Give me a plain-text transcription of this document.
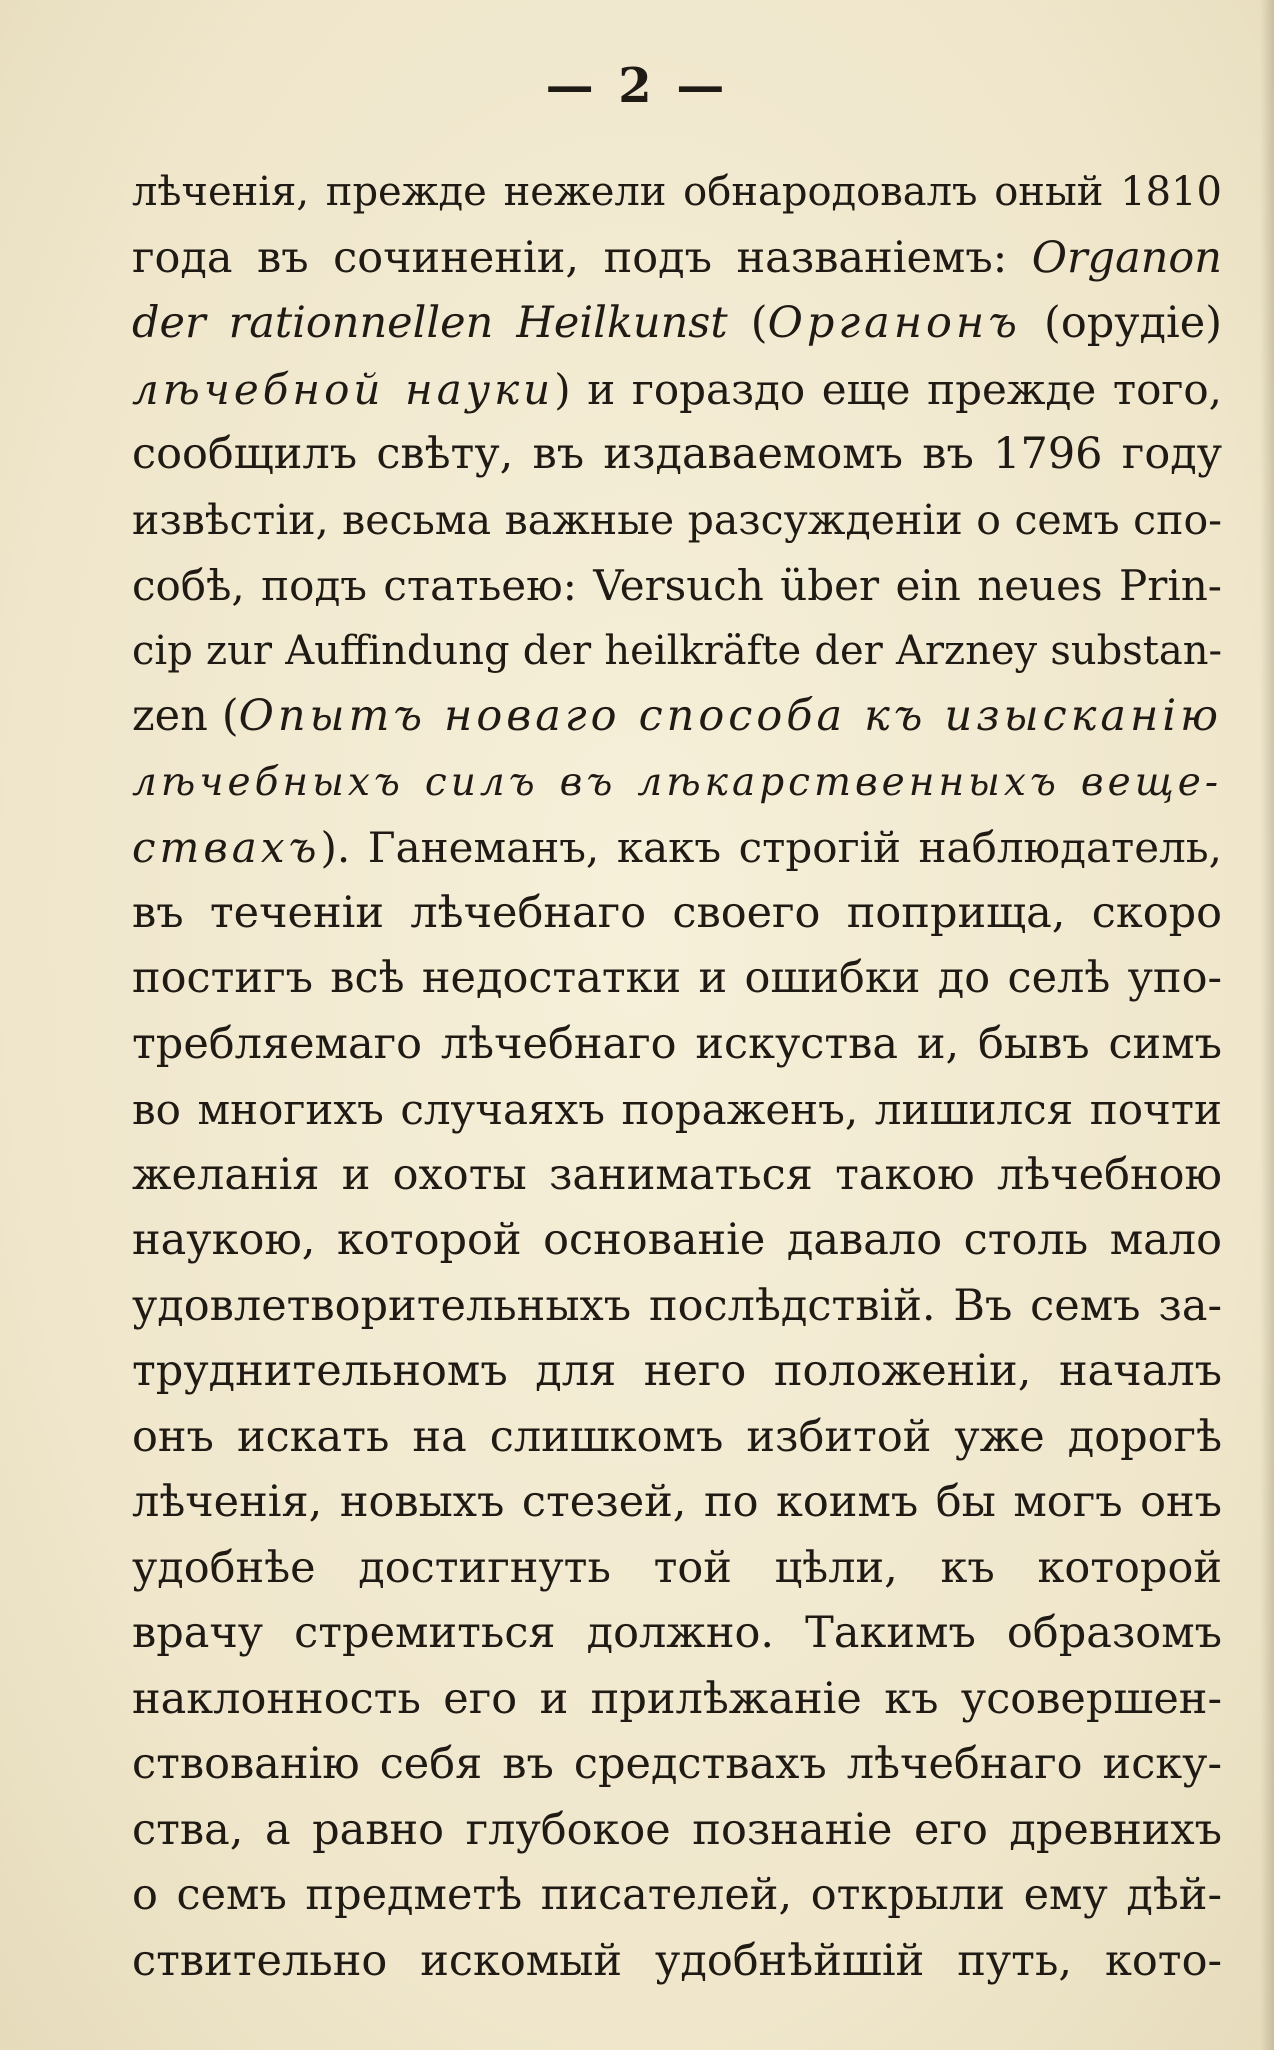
— 2 —
лѣченія, прежде нежели обнародовалъ оный 1810
года въ сочиненіи, подъ названіемъ: Organon
der rationnellen Heilkunst (Органонъ (орудіе)
лѣчебной науки) и гораздо еще прежде того,
сообщилъ свѣту, въ издаваемомъ въ 1796 году
извѣстіи, весьма важные разсужденіи о семъ спо-
собѣ, подъ статьею: Versuch über ein neues Prin-
cip zur Auffindung der heilkräfte der Arzney substan-
zen (Опытъ новаго способа къ изысканію
лѣчебныхъ силъ въ лѣкарственныхъ веще-
ствахъ). Ганеманъ, какъ строгій наблюдатель,
въ теченіи лѣчебнаго своего поприща, скоро
постигъ всѣ недостатки и ошибки до селѣ упо-
требляемаго лѣчебнаго искуства и, бывъ симъ
во многихъ случаяхъ пораженъ, лишился почти
желанія и охоты заниматься такою лѣчебною
наукою, которой основаніе давало столь мало
удовлетворительныхъ послѣдствій. Въ семъ за-
труднительномъ для него положеніи, началъ
онъ искать на слишкомъ избитой уже дорогѣ
лѣченія, новыхъ стезей, по коимъ бы могъ онъ
удобнѣе достигнуть той цѣли, къ которой
врачу стремиться должно. Такимъ образомъ
наклонность его и прилѣжаніе къ усовершен-
ствованію себя въ средствахъ лѣчебнаго иску-
ства, а равно глубокое познаніе его древнихъ
о семъ предметѣ писателей, открыли ему дѣй-
ствительно искомый удобнѣйшій путь, кото-
